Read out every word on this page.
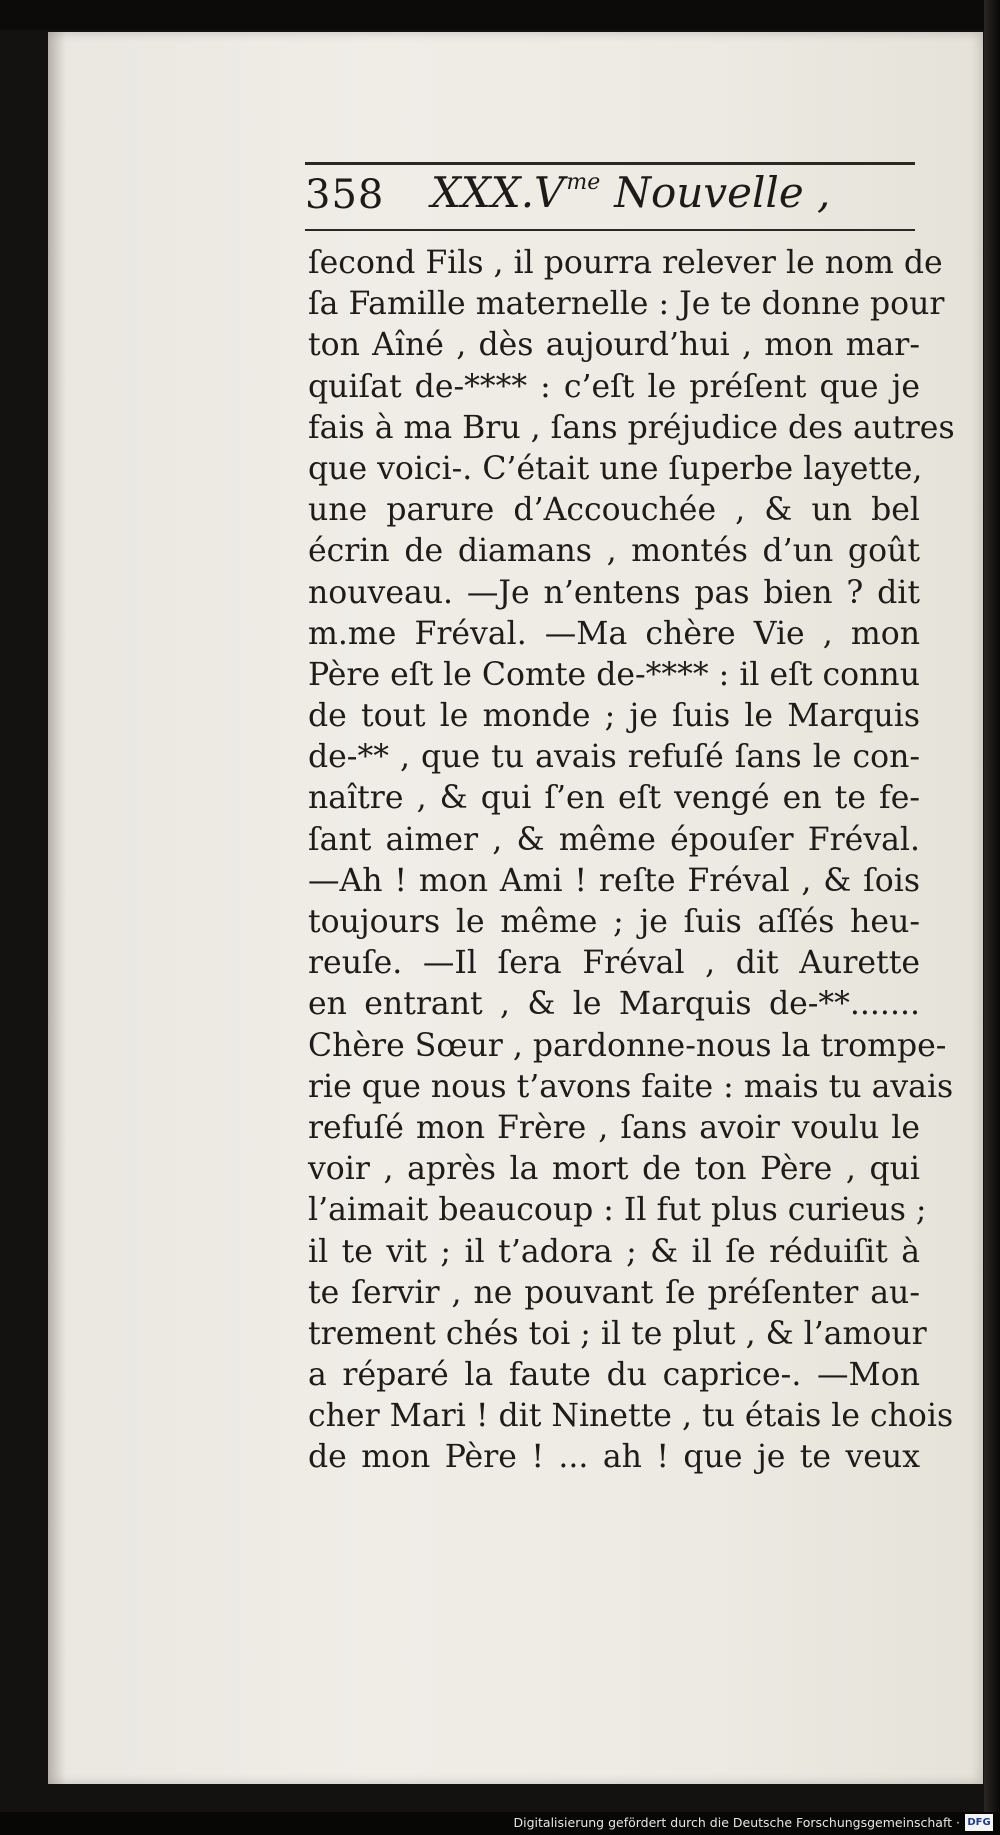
358 $XXX.V^{me}$ Nouvelle ,
ſecond Fils , il pourra relever le nom de
ſa Famille maternelle : Je te donne pour
ton Aîné , dès aujourd’hui , mon mar-
quiſat de-**** : c’eſt le préſent que je
fais à ma Bru , ſans préjudice des autres
que voici-. C’était une ſuperbe layette,
une parure d’Accouchée , & un bel
écrin de diamans , montés d’un goût
nouveau. —Je n’entens pas bien ? dit
m.me Fréval. —Ma chère Vie , mon
Père eſt le Comte de-**** : il eſt connu
de tout le monde ; je ſuis le Marquis
de-** , que tu avais refuſé ſans le con-
naître , & qui ſ’en eſt vengé en te fe-
ſant aimer , & même épouſer Fréval.
—Ah ! mon Ami ! reſte Fréval , & ſois
toujours le même ; je ſuis aſſés heu-
reuſe. —Il ſera Fréval , dit Aurette
en entrant , & le Marquis de-**.......
Chère Sœur , pardonne-nous la trompe-
rie que nous t’avons faite : mais tu avais
refuſé mon Frère , ſans avoir voulu le
voir , après la mort de ton Père , qui
l’aimait beaucoup : Il fut plus curieus ;
il te vit ; il t’adora ; & il ſe réduiſit à
te ſervir , ne pouvant ſe préſenter au-
trement chés toi ; il te plut , & l’amour
a réparé la faute du caprice-. —Mon
cher Mari ! dit Ninette , tu étais le chois
de mon Père ! ... ah ! que je te veux
Digitalisierung gefördert durch die Deutsche Forschungsgemeinschaft · DFG
